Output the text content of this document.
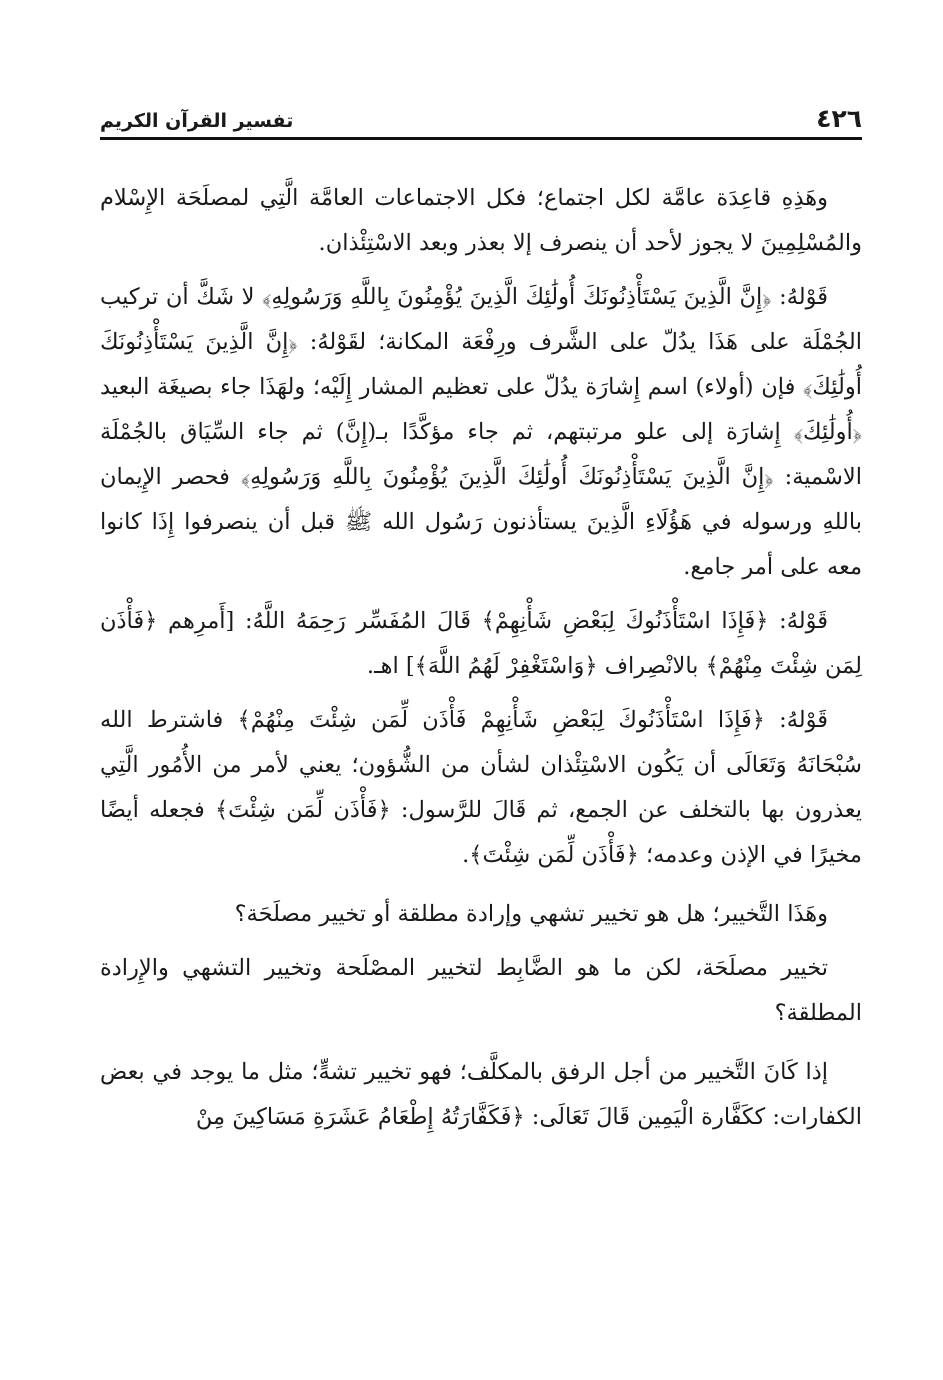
٤٢٦
تفسير القرآن الكريم

وهَذِهِ قاعِدَة عامَّة لكل اجتماع؛ فكل الاجتماعات العامَّة الَّتِي لمصلَحَة الإِسْلام والمُسْلِمِينَ لا يجوز لأحد أن ينصرف إلا بعذر وبعد الاسْتِئْذان.

قَوْلهُ: ﴿إِنَّ الَّذِينَ يَسْتَأْذِنُونَكَ أُولَٰئِكَ الَّذِينَ يُؤْمِنُونَ بِاللَّهِ وَرَسُولِهِ﴾ لا شَكَّ أن تركيب الجُمْلَة على هَذَا يدُلّ على الشَّرف ورِفْعَة المكانة؛ لقَوْلهُ: ﴿إِنَّ الَّذِينَ يَسْتَأْذِنُونَكَ أُولَٰئِكَ﴾ فإن (أولاء) اسم إِشارَة يدُلّ على تعظيم المشار إِلَيْه؛ ولهَذَا جاء بصيغَة البعيد ﴿أُولَٰئِكَ﴾ إِشارَة إلى علو مرتبتهم، ثم جاء مؤكَّدًا بـ(إِنَّ) ثم جاء السِّيَاق بالجُمْلَة الاسْمية: ﴿إِنَّ الَّذِينَ يَسْتَأْذِنُونَكَ أُولَٰئِكَ الَّذِينَ يُؤْمِنُونَ بِاللَّهِ وَرَسُولِهِ﴾ فحصر الإِيمان باللهِ ورسوله في هَؤُلَاءِ الَّذِينَ يستأذنون رَسُول الله ﷺ قبل أن ينصرفوا إِذَا كانوا معه على أمر جامع.

قَوْلهُ: ﴿فَإِذَا اسْتَأْذَنُوكَ لِبَعْضِ شَأْنِهِمْ﴾ قَالَ المُفَسِّر رَحِمَهُ اللَّهُ: [أَمرِهم ﴿فَأْذَن لِمَن شِئْتَ مِنْهُمْ﴾ بالانْصِراف ﴿وَاسْتَغْفِرْ لَهُمُ اللَّهَ﴾] اهـ.

قَوْلهُ: ﴿فَإِذَا اسْتَأْذَنُوكَ لِبَعْضِ شَأْنِهِمْ فَأْذَن لِّمَن شِئْتَ مِنْهُمْ﴾ فاشترط الله سُبْحَانَهُ وَتَعَالَى أن يَكُون الاسْتِئْذان لشأن من الشُّؤون؛ يعني لأمر من الأُمُور الَّتِي يعذرون بها بالتخلف عن الجمع، ثم قَالَ للرَّسول: ﴿فَأْذَن لِّمَن شِئْتَ﴾ فجعله أيضًا مخيرًا في الإذن وعدمه؛ ﴿فَأْذَن لِّمَن شِئْتَ﴾.

وهَذَا التَّخيير؛ هل هو تخيير تشهي وإرادة مطلقة أو تخيير مصلَحَة؟

تخيير مصلَحَة، لكن ما هو الضَّابِط لتخيير المصْلَحة وتخيير التشهي والإِرادة المطلقة؟

إذا كَانَ التَّخيير من أجل الرفق بالمكلَّف؛ فهو تخيير تشهٍّ؛ مثل ما يوجد في بعض الكفارات: ككَفَّارة الْيَمِين قَالَ تَعَالَى: ﴿فَكَفَّارَتُهُ إِطْعَامُ عَشَرَةِ مَسَاكِينَ مِنْ
